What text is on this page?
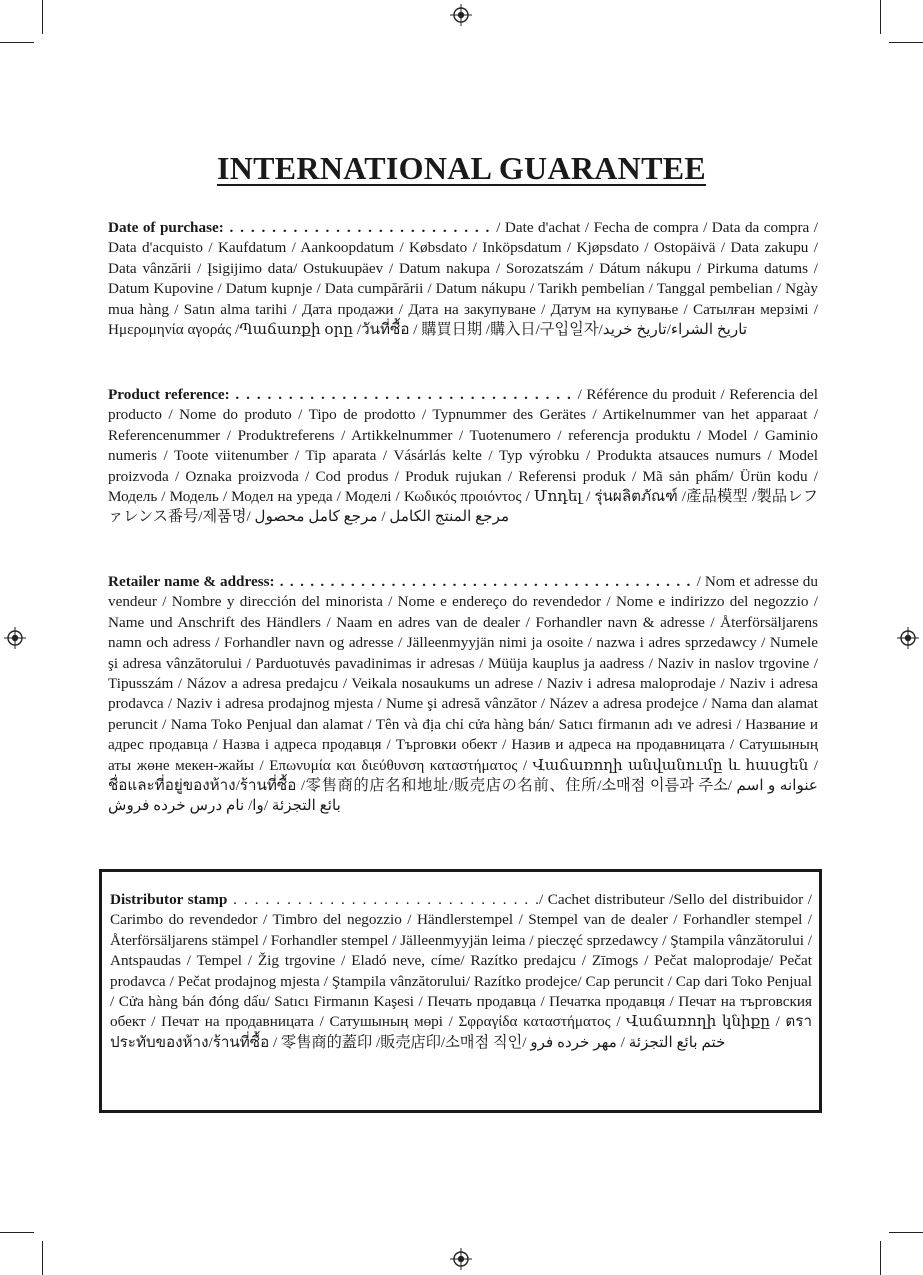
INTERNATIONAL GUARANTEE
Date of purchase: . . . . . . . . . . . . . . . . . . . . . . . . . / Date d'achat / Fecha de compra / Data da compra / Data d'acquisto / Kaufdatum / Aankoopdatum / Købsdato / Inköpsdatum / Kjøpsdato / Ostopäivä / Data zakupu / Data vânzării / Įsigijimo data/ Ostukuupäev / Datum nakupa / Sorozatszám / Dátum nákupu / Pirkuma datums / Datum Kupovine / Datum kupnje / Data cumpărării / Datum nákupu / Tarikh pembelian / Tanggal pembelian / Ngày mua hàng / Satın alma tarihi / Дата продажи / Дата на закупуване / Датум на купување / Сатылған мерзімі / Ημερομηνία αγοράς /Պաճառքի օրը /วันที่ซื้อ / 購買日期 /購入日/구입일자/تاريخ الشراء/تاريخ خريد
Product reference: . . . . . . . . . . . . . . . . . . . . . . . . . . . . . . . . / Référence du produit / Referencia del producto / Nome do produto / Tipo de prodotto / Typnummer des Gerätes / Artikelnummer van het apparaat / Referencenummer / Produktreferens / Artikkelnummer / Tuotenumero / referencja produktu / Model / Gaminio numeris / Toote viitenumber / Tip aparata / Vásárlás kelte / Typ výrobku / Produkta atsauces numurs / Model proizvoda / Oznaka proizvoda / Cod produs / Produk rujukan / Referensi produk / Mã sản phẩm/ Ürün kodu / Модель / Модель / Модел на уреда / Моделі / Κωδικός προιόντος / Մոդել / รุ่นผลิตภัณฑ์ /產品模型 /製品レファレンス番号/제품명/ مرجع المنتج الكامل / مرجع كامل محصول
Retailer name & address: . . . . . . . . . . . . . . . . . . . . . . . . . . . . . . . . . . . . . . . . . / Nom et adresse du vendeur / Nombre y dirección del minorista / Nome e endereço do revendedor / Nome e indirizzo del negozzio / Name und Anschrift des Händlers / Naam en adres van de dealer / Forhandler navn & adresse / Återförsäljarens namn och adress / Forhandler navn og adresse / Jälleenmyyjän nimi ja osoite / nazwa i adres sprzedawcy / Numele şi adresa vânzătorului / Parduotuvės pavadinimas ir adresas / Müüja kauplus ja aadress / Naziv in naslov trgovine / Tipusszám / Názov a adresa predajcu / Veikala nosaukums un adrese / Naziv i adresa maloprodaje / Naziv i adresa prodavca / Naziv i adresa prodajnog mjesta / Nume şi adresă vânzător / Název a adresa prodejce / Nama dan alamat peruncit / Nama Toko Penjual dan alamat / Tên và địa chỉ cửa hàng bán/ Satıcı firmanın adı ve adresi / Название и адрес продавца / Назва і адреса продавця / Търговки обект / Назив и адреса на продавницата / Сатушының аты жөне мекен-жайы / Επωνυμία και διεύθυνση καταστήματος / Վաճառողի անվանումը և հասցեն / ชื่อและที่อยู่ของห้าง/ร้านที่ซื้อ /零售商的店名和地址/販売店の名前、住所/소매점 이름과 주소/ عنوانه و اسم بائع التجزئة /وا/ نام درس خرده فروش
Distributor stamp . . . . . . . . . . . . . . . . . . . . . . . . . . . . ./ Cachet distributeur /Sello del distribuidor / Carimbo do revendedor / Timbro del negozzio / Händlerstempel / Stempel van de dealer / Forhandler stempel / Återförsäljarens stämpel / Forhandler stempel / Jälleenmyyjän leima / pieczęć sprzedawcy / Ştampila vânzătorului / Antspaudas / Tempel / Žig trgovine / Eladó neve, címe/ Razítko predajcu / Zīmogs / Pečat maloprodaje/ Pečat prodavca / Pečat prodajnog mjesta / Ştampila vânzătorului/ Razítko prodejce/ Cap peruncit / Cap dari Toko Penjual / Cửa hàng bán đóng dấu/ Satıcı Firmanın Kaşesi / Печать продавца / Печатка продавця / Печат на търговския обект / Печат на продавницата / Сатушының мөрі / Σφραγίδα καταστήματος / Վաճառողի կնիքը / ตราประทับของห้าง/ร้านที่ซื้อ / 零售商的蓋印 /販売店印/소매점 직인/ ختم بائع التجزئة / مهر خرده فرو
